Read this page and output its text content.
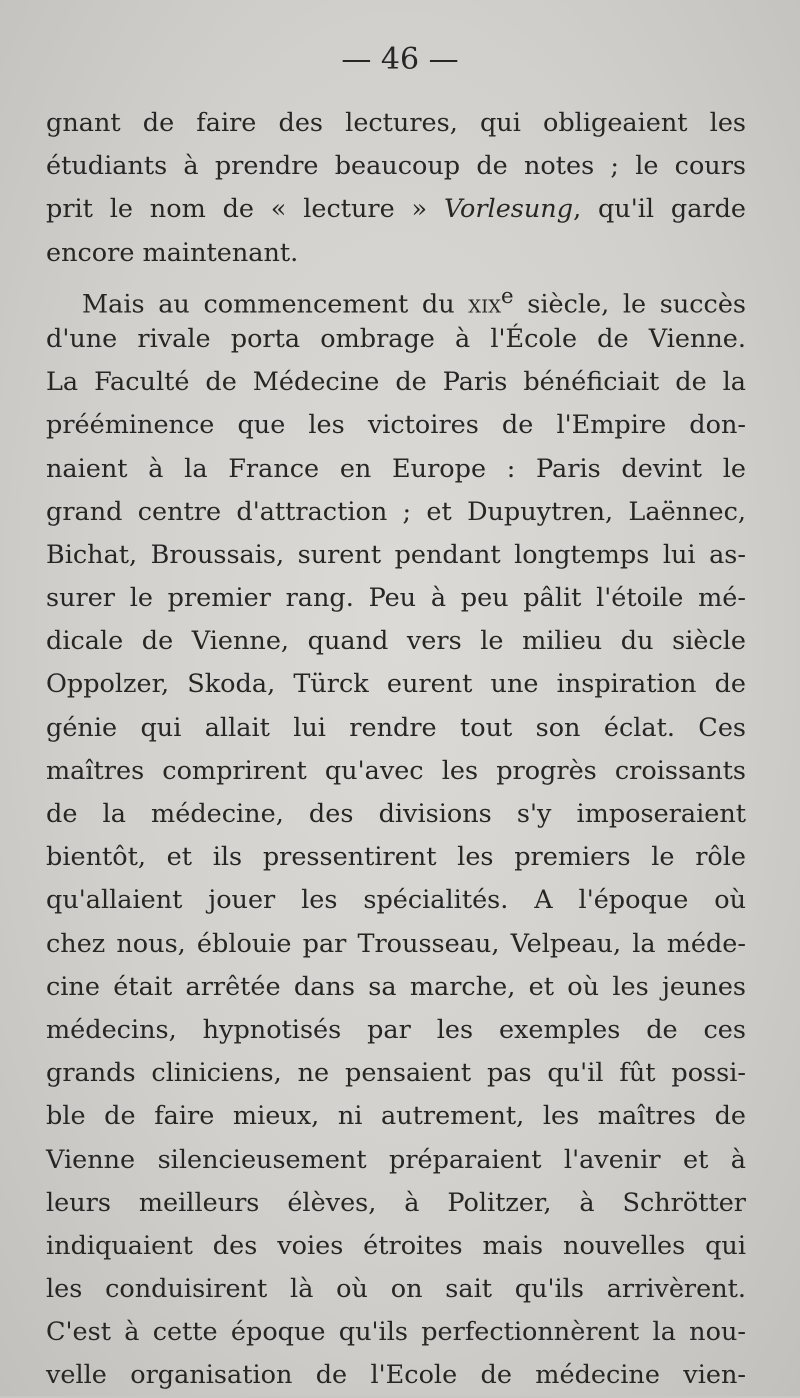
— 46 —
gnant de faire des lectures, qui obligeaient les
étudiants à prendre beaucoup de notes ; le cours
prit le nom de « lecture » Vorlesung, qu'il garde
encore maintenant.
Mais au commencement du xix$^e$ siècle, le succès
d'une rivale porta ombrage à l'École de Vienne.
La Faculté de Médecine de Paris bénéficiait de la
prééminence que les victoires de l'Empire don-
naient à la France en Europe : Paris devint le
grand centre d'attraction ; et Dupuytren, Laënnec,
Bichat, Broussais, surent pendant longtemps lui as-
surer le premier rang. Peu à peu pâlit l'étoile mé-
dicale de Vienne, quand vers le milieu du siècle
Oppolzer, Skoda, Türck eurent une inspiration de
génie qui allait lui rendre tout son éclat. Ces
maîtres comprirent qu'avec les progrès croissants
de la médecine, des divisions s'y imposeraient
bientôt, et ils pressentirent les premiers le rôle
qu'allaient jouer les spécialités. A l'époque où
chez nous, éblouie par Trousseau, Velpeau, la méde-
cine était arrêtée dans sa marche, et où les jeunes
médecins, hypnotisés par les exemples de ces
grands cliniciens, ne pensaient pas qu'il fût possi-
ble de faire mieux, ni autrement, les maîtres de
Vienne silencieusement préparaient l'avenir et à
leurs meilleurs élèves, à Politzer, à Schrötter
indiquaient des voies étroites mais nouvelles qui
les conduisirent là où on sait qu'ils arrivèrent.
C'est à cette époque qu'ils perfectionnèrent la nou-
velle organisation de l'Ecole de médecine vien-
